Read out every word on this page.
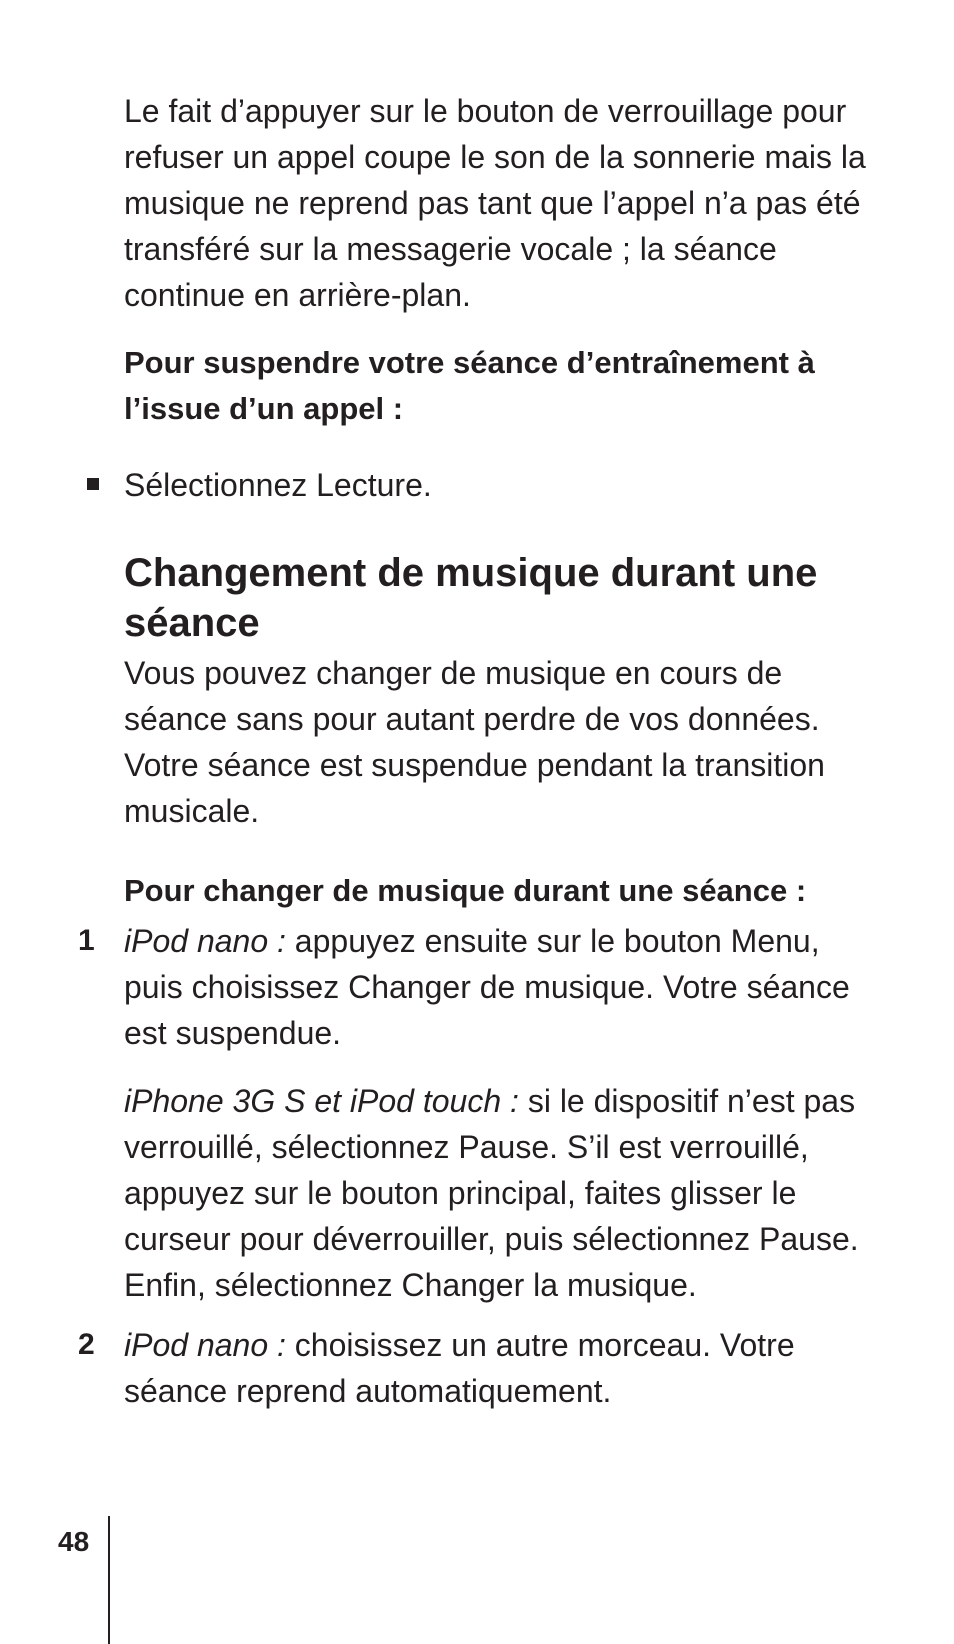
Le fait d’appuyer sur le bouton de verrouillage pour refuser un appel coupe le son de la sonnerie mais la musique ne reprend pas tant que l’appel n’a pas été transféré sur la messagerie vocale ; la séance continue en arrière-plan.

Pour suspendre votre séance d’entraînement à l’issue d’un appel :

Sélectionnez Lecture.

Changement de musique durant une séance

Vous pouvez changer de musique en cours de séance sans pour autant perdre de vos données. Votre séance est suspendue pendant la transition musicale.

Pour changer de musique durant une séance :

1 iPod nano : appuyez ensuite sur le bouton Menu, puis choisissez Changer de musique. Votre séance est suspendue.

iPhone 3G S et iPod touch : si le dispositif n’est pas verrouillé, sélectionnez Pause. S’il est verrouillé, appuyez sur le bouton principal, faites glisser le curseur pour déverrouiller, puis sélectionnez Pause. Enfin, sélectionnez Changer la musique.

2 iPod nano : choisissez un autre morceau. Votre séance reprend automatiquement.

48
